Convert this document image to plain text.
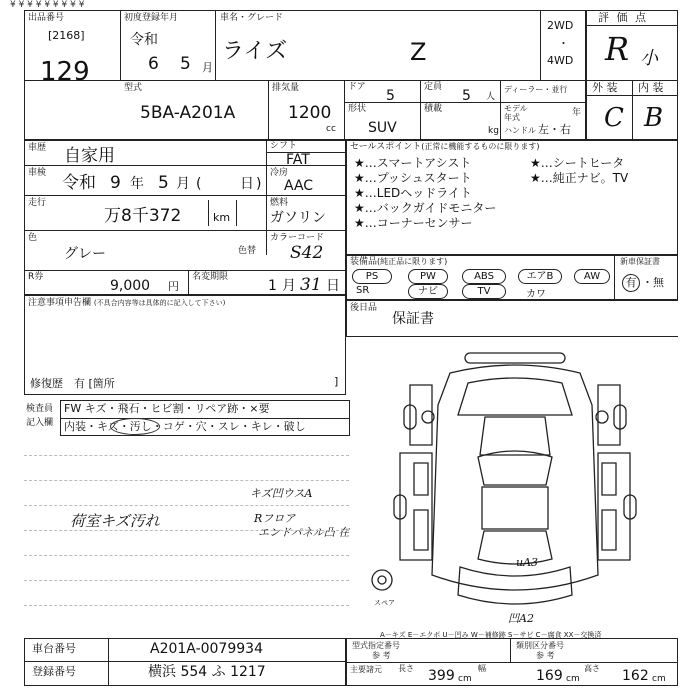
¥ ¥ ¥ ¥ ¥ ¥ ¥ ¥ ¥
出品番号
[2168]
129
初度登録年月
令和
6 5 月
車名・グレード
ライズ	Z
2WD
・
4WD
評 価 点
R 小
外 装 内 装
C B
型式
5BA-A201A
排気量
1200
cc
ドア
5
定員
5 人
ディーラー・並行
形状
SUV
積載
kg
モデル年式	年
ハンドル 左・右
車歴 自家用
車検 令和 9 年 5 月 (	日 )
走行
万8千372	km
色
グレー	色替
シフト
FAT
冷房
AAC
燃料
ガソリン
カラーコード
S42
R券
9,000 円
名変期限
1 月 31 日
セールスポイント(正常に機能するものに限ります)
★…スマートアシスト
★…プッシュスタート
★…LEDヘッドライト
★…バックガイドモニター
★…コーナーセンサー
★…シートヒータ
★…純正ナビ。TV
装備品(純正品に限ります)
PS	PW	ABS	エアB	AW
SR	ナビ	TV	カワ
新車保証書
有 ・無
後日品
保証書
注意事項申告欄 (不具合内容等は具体的に記入して下さい)
修復歴　 有 [箇所	]
検査員
記入欄
FW キズ・飛石・ヒビ割・リペア跡・×要
内装・キズ・汚し・コゲ・穴・スレ・キレ・破し
荷室キズ汚れ
キズ凹ウスA
Rフロア
エンドパネル凸 在
uA3
凹A2
スペア
A－キズ E－エクボ U－凹み W－補修跡 S－サビ C－腐食 XX－交換済
車台番号	A201A-0079934
登録番号	横浜 554 ふ 1217
型式指定番号
参 考
類別区分番号
参 考
主要諸元	長さ 399 cm
幅	169 cm
高さ 162 cm
